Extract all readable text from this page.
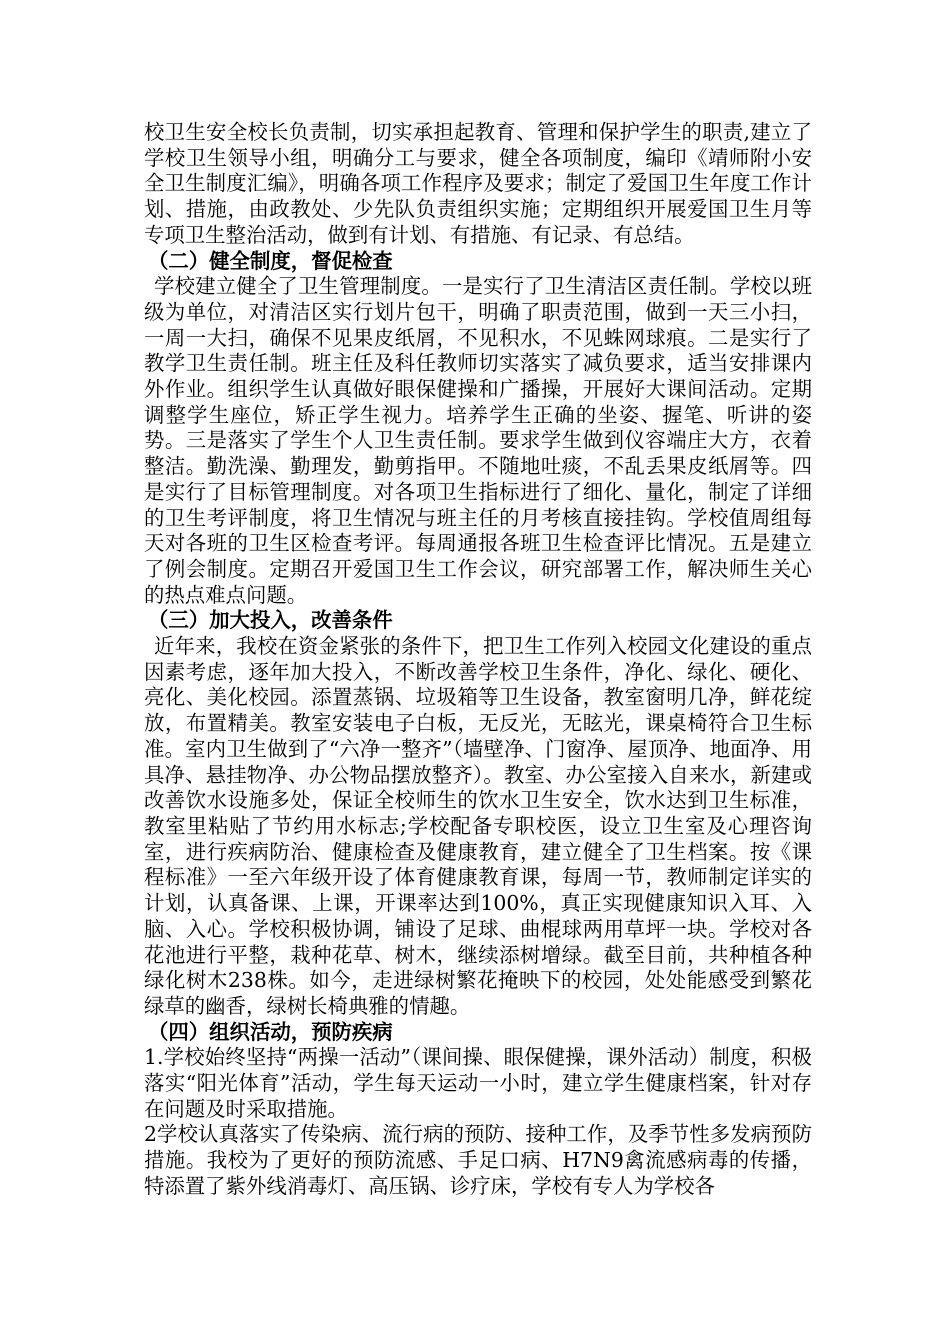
校卫生安全校长负责制，切实承担起教育、管理和保护学生的职责,建立了学校卫生领导小组，明确分工与要求，健全各项制度，编印《靖师附小安全卫生制度汇编》，明确各项工作程序及要求；制定了爱国卫生年度工作计划、措施，由政教处、少先队负责组织实施；定期组织开展爱国卫生月等专项卫生整治活动，做到有计划、有措施、有记录、有总结。

（二）健全制度，督促检查

学校建立健全了卫生管理制度。一是实行了卫生清洁区责任制。学校以班级为单位，对清洁区实行划片包干，明确了职责范围，做到一天三小扫，一周一大扫，确保不见果皮纸屑，不见积水，不见蛛网球痕。二是实行了教学卫生责任制。班主任及科任教师切实落实了减负要求，适当安排课内外作业。组织学生认真做好眼保健操和广播操，开展好大课间活动。定期调整学生座位，矫正学生视力。培养学生正确的坐姿、握笔、听讲的姿势。三是落实了学生个人卫生责任制。要求学生做到仪容端庄大方，衣着整洁。勤洗澡、勤理发，勤剪指甲。不随地吐痰，不乱丢果皮纸屑等。四是实行了目标管理制度。对各项卫生指标进行了细化、量化，制定了详细的卫生考评制度，将卫生情况与班主任的月考核直接挂钩。学校值周组每天对各班的卫生区检查考评。每周通报各班卫生检查评比情况。五是建立了例会制度。定期召开爱国卫生工作会议，研究部署工作，解决师生关心的热点难点问题。

（三）加大投入，改善条件

近年来，我校在资金紧张的条件下，把卫生工作列入校园文化建设的重点因素考虑，逐年加大投入，不断改善学校卫生条件，净化、绿化、硬化、亮化、美化校园。添置蒸锅、垃圾箱等卫生设备，教室窗明几净，鲜花绽放，布置精美。教室安装电子白板，无反光，无眩光，课桌椅符合卫生标准。室内卫生做到了“六净一整齐”（墙壁净、门窗净、屋顶净、地面净、用具净、悬挂物净、办公物品摆放整齐）。教室、办公室接入自来水，新建或改善饮水设施多处，保证全校师生的饮水卫生安全，饮水达到卫生标准，教室里粘贴了节约用水标志;学校配备专职校医，设立卫生室及心理咨询室，进行疾病防治、健康检查及健康教育，建立健全了卫生档案。按《课程标准》一至六年级开设了体育健康教育课，每周一节，教师制定详实的计划，认真备课、上课，开课率达到100%，真正实现健康知识入耳、入脑、入心。学校积极协调，铺设了足球、曲棍球两用草坪一块。学校对各花池进行平整，栽种花草、树木，继续添树增绿。截至目前，共种植各种绿化树木238株。如今，走进绿树繁花掩映下的校园，处处能感受到繁花绿草的幽香，绿树长椅典雅的情趣。

（四）组织活动，预防疾病

1.学校始终坚持“两操一活动”（课间操、眼保健操，课外活动）制度，积极落实“阳光体育”活动，学生每天运动一小时，建立学生健康档案，针对存在问题及时采取措施。

2学校认真落实了传染病、流行病的预防、接种工作，及季节性多发病预防措施。我校为了更好的预防流感、手足口病、H7N9禽流感病毒的传播，特添置了紫外线消毒灯、高压锅、诊疗床，学校有专人为学校各
